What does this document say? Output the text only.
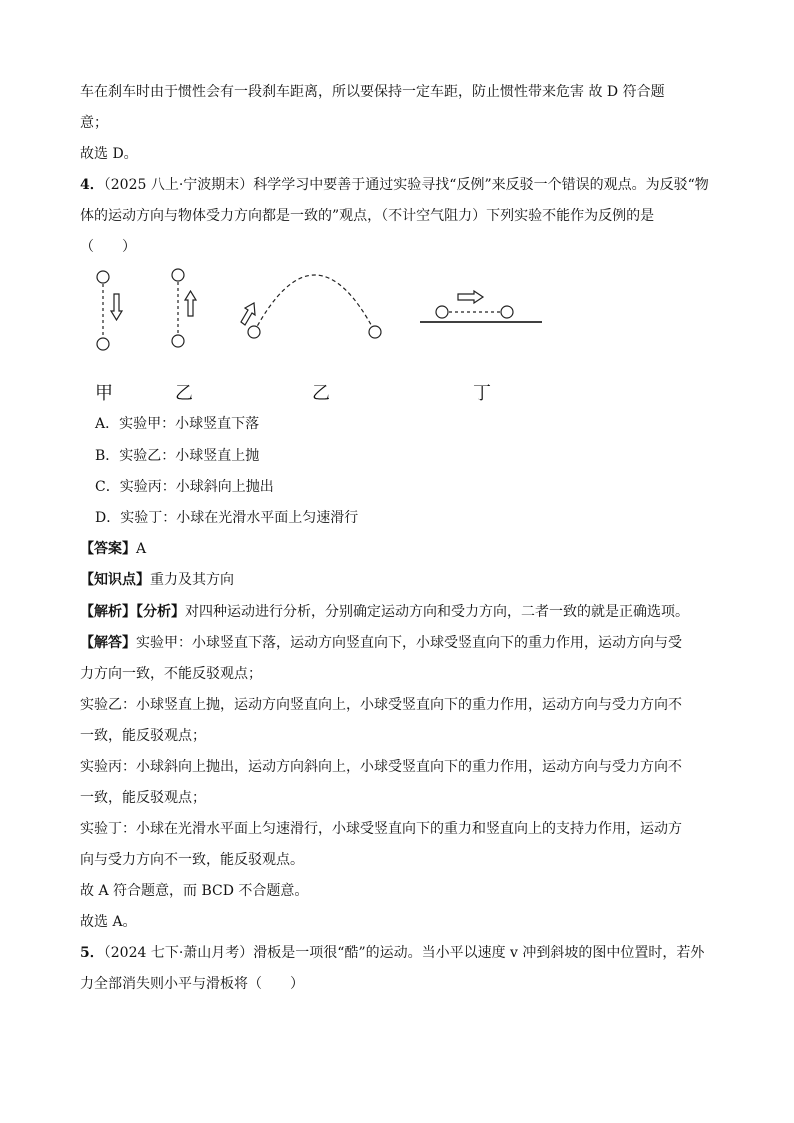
车在刹车时由于惯性会有一段刹车距离，所以要保持一定车距，防止惯性带来危害 故 D 符合题
意；
故选 D。
4．（2025 八上·宁波期末）科学学习中要善于通过实验寻找“反例”来反驳一个错误的观点。为反驳“物
体的运动方向与物体受力方向都是一致的”观点，（不计空气阻力）下列实验不能作为反例的是
（　　）
甲	乙	乙	丁
A．实验甲：小球竖直下落
B．实验乙：小球竖直上抛
C．实验丙：小球斜向上抛出
D．实验丁：小球在光滑水平面上匀速滑行
【答案】A
【知识点】重力及其方向
【解析】【分析】对四种运动进行分析，分别确定运动方向和受力方向，二者一致的就是正确选项。
【解答】实验甲：小球竖直下落，运动方向竖直向下，小球受竖直向下的重力作用，运动方向与受
力方向一致，不能反驳观点；
实验乙：小球竖直上抛，运动方向竖直向上，小球受竖直向下的重力作用，运动方向与受力方向不
一致，能反驳观点；
实验丙：小球斜向上抛出，运动方向斜向上，小球受竖直向下的重力作用，运动方向与受力方向不
一致，能反驳观点；
实验丁：小球在光滑水平面上匀速滑行，小球受竖直向下的重力和竖直向上的支持力作用，运动方
向与受力方向不一致，能反驳观点。
故 A 符合题意，而 BCD 不合题意。
故选 A。
5．（2024 七下·萧山月考）滑板是一项很“酷”的运动。当小平以速度 v 冲到斜坡的图中位置时，若外
力全部消失则小平与滑板将（　　）
